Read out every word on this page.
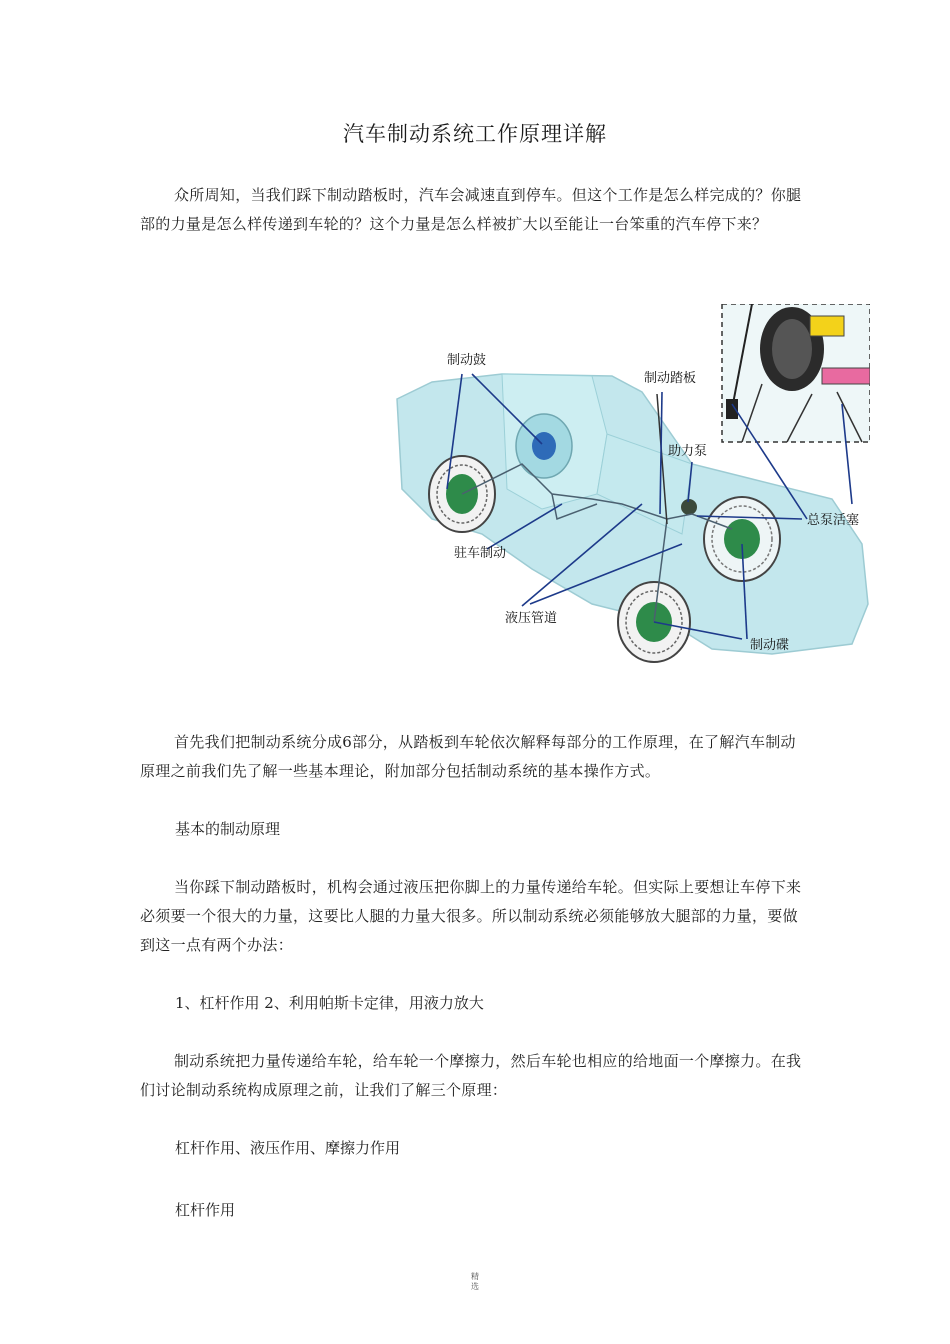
汽车制动系统工作原理详解

众所周知，当我们踩下制动踏板时，汽车会减速直到停车。但这个工作是怎么样完成的？你腿部的力量是怎么样传递到车轮的？这个力量是怎么样被扩大以至能让一台笨重的汽车停下来？

制动鼓
制动踏板
助力泵
总泵活塞
驻车制动
液压管道
制动碟

首先我们把制动系统分成6部分，从踏板到车轮依次解释每部分的工作原理，在了解汽车制动原理之前我们先了解一些基本理论，附加部分包括制动系统的基本操作方式。

基本的制动原理

当你踩下制动踏板时，机构会通过液压把你脚上的力量传递给车轮。但实际上要想让车停下来必须要一个很大的力量，这要比人腿的力量大很多。所以制动系统必须能够放大腿部的力量，要做到这一点有两个办法：

1、杠杆作用 2、利用帕斯卡定律，用液力放大

制动系统把力量传递给车轮，给车轮一个摩擦力，然后车轮也相应的给地面一个摩擦力。在我们讨论制动系统构成原理之前，让我们了解三个原理：

杠杆作用、液压作用、摩擦力作用

杠杆作用

精
选
